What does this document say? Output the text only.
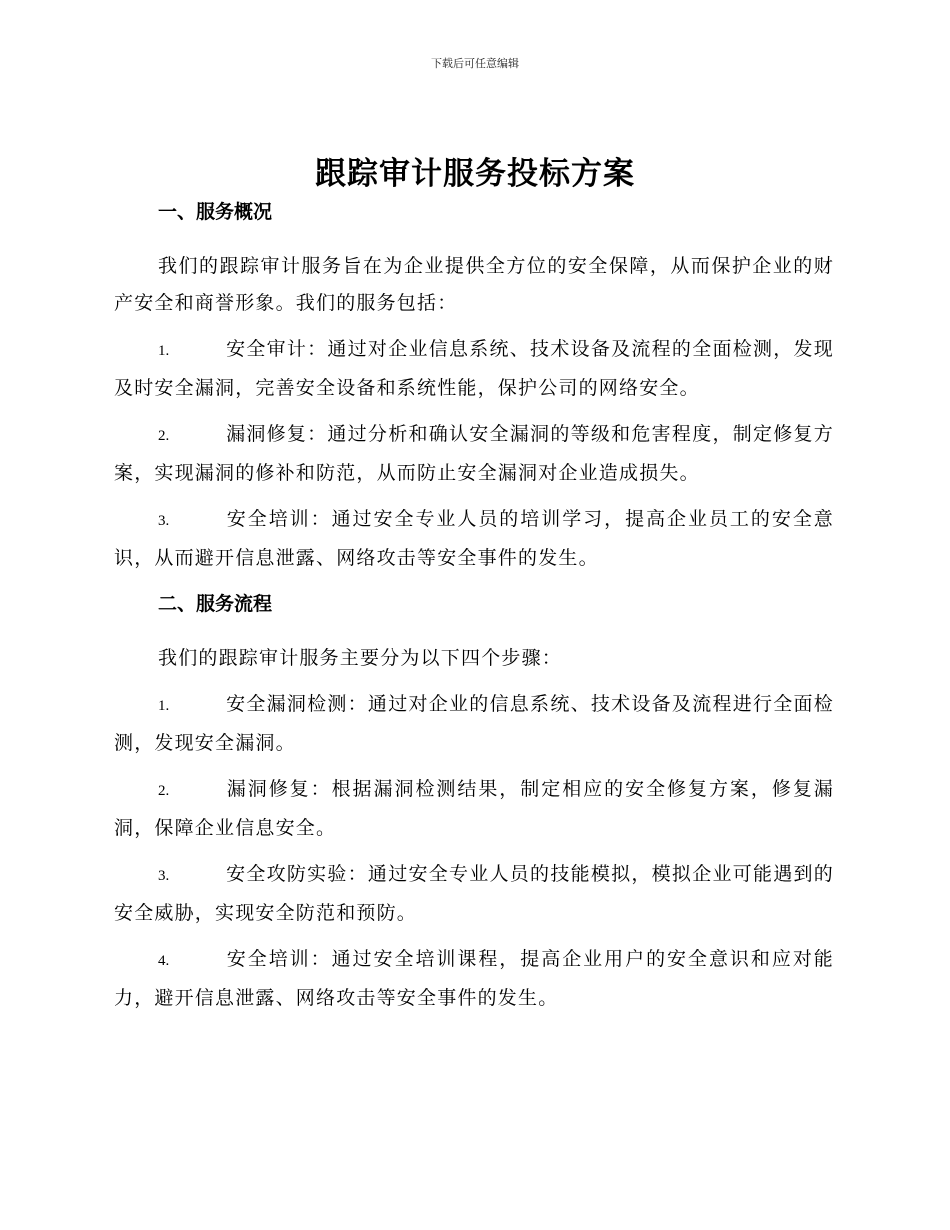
下载后可任意编辑
跟踪审计服务投标方案

一、服务概况

我们的跟踪审计服务旨在为企业提供全方位的安全保障，从而保护企业的财产安全和商誉形象。我们的服务包括：

1.	安全审计：通过对企业信息系统、技术设备及流程的全面检测，发现及时安全漏洞，完善安全设备和系统性能，保护公司的网络安全。

2.	漏洞修复：通过分析和确认安全漏洞的等级和危害程度，制定修复方案，实现漏洞的修补和防范，从而防止安全漏洞对企业造成损失。

3.	安全培训：通过安全专业人员的培训学习，提高企业员工的安全意识，从而避开信息泄露、网络攻击等安全事件的发生。

二、服务流程

我们的跟踪审计服务主要分为以下四个步骤：

1.	安全漏洞检测：通过对企业的信息系统、技术设备及流程进行全面检测，发现安全漏洞。

2.	漏洞修复：根据漏洞检测结果，制定相应的安全修复方案，修复漏洞，保障企业信息安全。

3.	安全攻防实验：通过安全专业人员的技能模拟，模拟企业可能遇到的安全威胁，实现安全防范和预防。

4.	安全培训：通过安全培训课程，提高企业用户的安全意识和应对能力，避开信息泄露、网络攻击等安全事件的发生。
